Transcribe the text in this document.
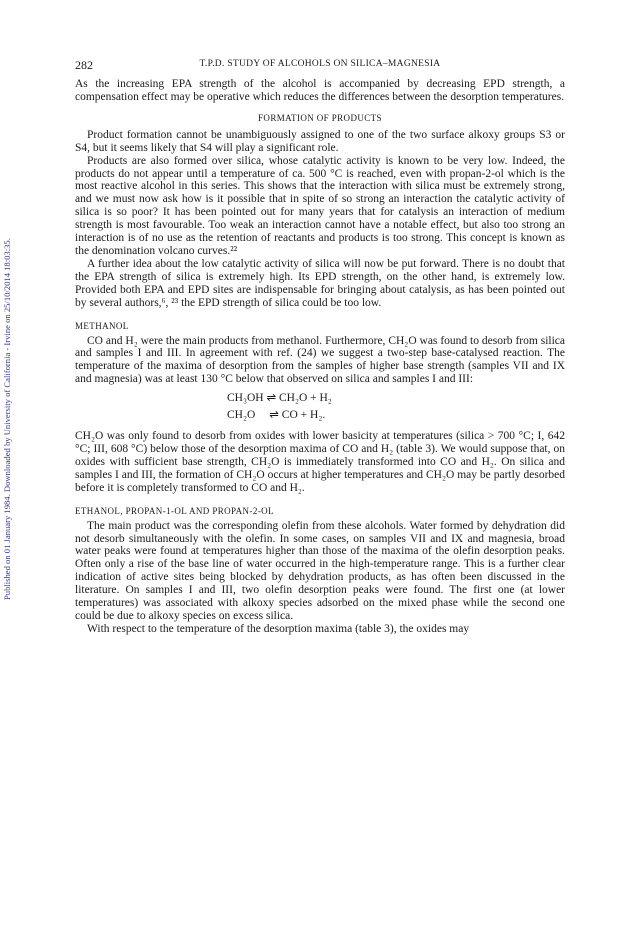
Published on 01 January 1984. Downloaded by University of California - Irvine on 25/10/2014 18:03:35.
282	T.P.D. STUDY OF ALCOHOLS ON SILICA–MAGNESIA

As the increasing EPA strength of the alcohol is accompanied by decreasing EPD strength, a compensation effect may be operative which reduces the differences between the desorption temperatures.

FORMATION OF PRODUCTS

Product formation cannot be unambiguously assigned to one of the two surface alkoxy groups S3 or S4, but it seems likely that S4 will play a significant role.

Products are also formed over silica, whose catalytic activity is known to be very low. Indeed, the products do not appear until a temperature of ca. 500 °C is reached, even with propan-2-ol which is the most reactive alcohol in this series. This shows that the interaction with silica must be extremely strong, and we must now ask how is it possible that in spite of so strong an interaction the catalytic activity of silica is so poor? It has been pointed out for many years that for catalysis an interaction of medium strength is most favourable. Too weak an interaction cannot have a notable effect, but also too strong an interaction is of no use as the retention of reactants and products is too strong. This concept is known as the denomination volcano curves.²²

A further idea about the low catalytic activity of silica will now be put forward. There is no doubt that the EPA strength of silica is extremely high. Its EPD strength, on the other hand, is extremely low. Provided both EPA and EPD sites are indispensable for bringing about catalysis, as has been pointed out by several authors,⁶, ²³ the EPD strength of silica could be too low.

METHANOL

CO and H₂ were the main products from methanol. Furthermore, CH₂O was found to desorb from silica and samples I and III. In agreement with ref. (24) we suggest a two-step base-catalysed reaction. The temperature of the maxima of desorption from the samples of higher base strength (samples VII and IX and magnesia) was at least 130 °C below that observed on silica and samples I and III:

CH₃OH ⇌ CH₂O + H₂
CH₂O ⇌ CO + H₂.

CH₂O was only found to desorb from oxides with lower basicity at temperatures (silica > 700 °C; I, 642 °C; III, 608 °C) below those of the desorption maxima of CO and H₂ (table 3). We would suppose that, on oxides with sufficient base strength, CH₂O is immediately transformed into CO and H₂. On silica and samples I and III, the formation of CH₂O occurs at higher temperatures and CH₂O may be partly desorbed before it is completely transformed to CO and H₂.

ETHANOL, PROPAN-1-OL AND PROPAN-2-OL

The main product was the corresponding olefin from these alcohols. Water formed by dehydration did not desorb simultaneously with the olefin. In some cases, on samples VII and IX and magnesia, broad water peaks were found at temperatures higher than those of the maxima of the olefin desorption peaks. Often only a rise of the base line of water occurred in the high-temperature range. This is a further clear indication of active sites being blocked by dehydration products, as has often been discussed in the literature. On samples I and III, two olefin desorption peaks were found. The first one (at lower temperatures) was associated with alkoxy species adsorbed on the mixed phase while the second one could be due to alkoxy species on excess silica.

With respect to the temperature of the desorption maxima (table 3), the oxides may
